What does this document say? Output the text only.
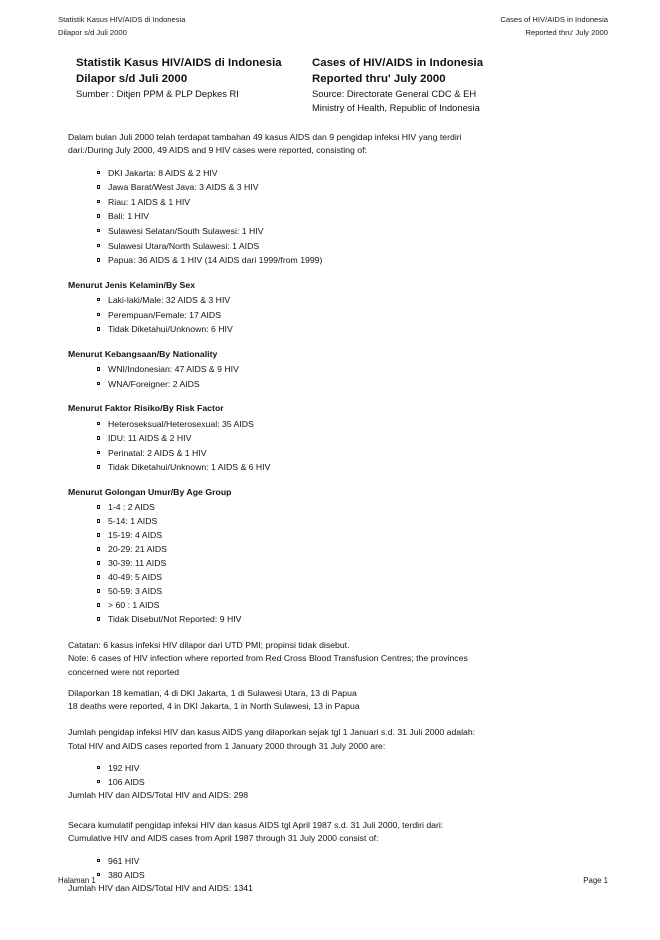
Statistik Kasus HIV/AIDS di Indonesia
Dilapor s/d Juli 2000
Cases of HIV/AIDS in Indonesia
Reported thru' July 2000
Statistik Kasus HIV/AIDS di Indonesia
Dilapor s/d Juli 2000
Sumber : Ditjen PPM & PLP Depkes RI
Cases of HIV/AIDS in Indonesia
Reported thru' July 2000
Source: Directorate General CDC & EH
Ministry of Health, Republic of Indonesia

Dalam bulan Juli 2000 telah terdapat tambahan 49 kasus AIDS dan 9 pengidap infeksi HIV yang terdiri
dari:/During July 2000, 49 AIDS and 9 HIV cases were reported, consisting of:

DKI Jakarta: 8 AIDS & 2 HIV
Jawa Barat/West Java: 3 AIDS & 3 HIV
Riau: 1 AIDS & 1 HIV
Bali: 1 HIV
Sulawesi Selatan/South Sulawesi: 1 HIV
Sulawesi Utara/North Sulawesi: 1 AIDS
Papua: 36 AIDS & 1 HIV (14 AIDS dari 1999/from 1999)
Menurut Jenis Kelamin/By Sex
Laki-laki/Male: 32 AIDS & 3 HIV
Perempuan/Female: 17 AIDS
Tidak Diketahui/Unknown: 6 HIV
Menurut Kebangsaan/By Nationality
WNI/Indonesian: 47 AIDS & 9 HIV
WNA/Foreigner: 2 AIDS
Menurut Faktor Risiko/By Risk Factor
Heteroseksual/Heterosexual: 35 AIDS
IDU: 11 AIDS & 2 HIV
Perinatal: 2 AIDS & 1 HIV
Tidak Diketahui/Unknown: 1 AIDS & 6 HIV
Menurut Golongan Umur/By Age Group
1-4 : 2 AIDS
5-14: 1 AIDS
15-19: 4 AIDS
20-29: 21 AIDS
30-39: 11 AIDS
40-49: 5 AIDS
50-59: 3 AIDS
> 60 : 1 AIDS
Tidak Disebut/Not Reported: 9 HIV

Catatan: 6 kasus infeksi HIV dilapor dari UTD PMI; propinsi tidak disebut.
Note: 6 cases of HIV infection where reported from Red Cross Blood Transfusion Centres; the provinces
concerned were not reported

Dilaporkan 18 kematian, 4 di DKI Jakarta, 1 di Sulawesi Utara, 13 di Papua
18 deaths were reported, 4 in DKI Jakarta, 1 in North Sulawesi, 13 in Papua

Jumlah pengidap infeksi HIV dan kasus AIDS yang dilaporkan sejak tgl 1 Januari s.d. 31 Juli 2000 adalah:
Total HIV and AIDS cases reported from 1 January 2000 through 31 July 2000 are:

192 HIV
106 AIDS

Jumlah HIV dan AIDS/Total HIV and AIDS: 298

Secara kumulatif pengidap infeksi HIV dan kasus AIDS tgl April 1987 s.d. 31 Juli 2000, terdiri dari:
Cumulative HIV and AIDS cases from April 1987 through 31 July 2000 consist of:

961 HIV
380 AIDS

Jumlah HIV dan AIDS/Total HIV and AIDS: 1341

Halaman 1	Page 1
